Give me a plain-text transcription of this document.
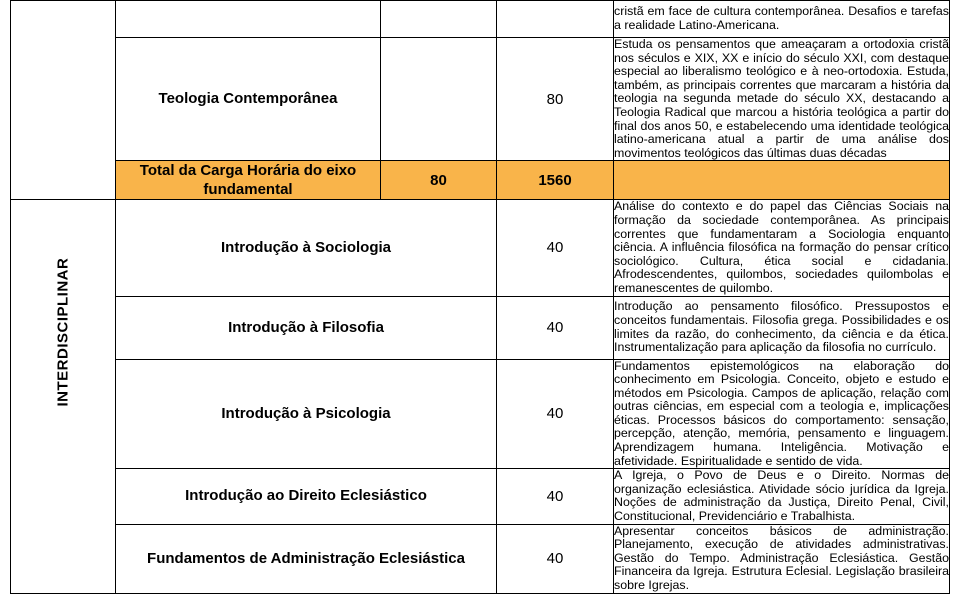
				cristã em face de cultura contemporânea. Desafios e tarefas a realidade Latino-Americana.
	Teologia Contemporânea		80	Estuda os pensamentos que ameaçaram a ortodoxia cristã nos séculos e XIX, XX e início do século XXI, com destaque especial ao liberalismo teológico e à neo-ortodoxia. Estuda, também, as principais correntes que marcaram a história da teologia na segunda metade do século XX, destacando a Teologia Radical que marcou a história teológica a partir do final dos anos 50, e estabelecendo uma identidade teológica latino-americana atual a partir de uma análise dos movimentos teológicos das últimas duas décadas
	Total da Carga Horária do eixo fundamental	80	1560	

INTERDISCIPLINAR	Introdução à Sociologia		40	Análise do contexto e do papel das Ciências Sociais na formação da sociedade contemporânea. As principais correntes que fundamentaram a Sociologia enquanto ciência. A influência filosófica na formação do pensar crítico sociológico. Cultura, ética social e cidadania. Afrodescendentes, quilombos, sociedades quilombolas e remanescentes de quilombo.
	Introdução à Filosofia		40	Introdução ao pensamento filosófico. Pressupostos e conceitos fundamentais. Filosofia grega. Possibilidades e os limites da razão, do conhecimento, da ciência e da ética. Instrumentalização para aplicação da filosofia no currículo.
	Introdução à Psicologia		40	Fundamentos epistemológicos na elaboração do conhecimento em Psicologia. Conceito, objeto e estudo e métodos em Psicologia. Campos de aplicação, relação com outras ciências, em especial com a teologia e, implicações éticas. Processos básicos do comportamento: sensação, percepção, atenção, memória, pensamento e linguagem. Aprendizagem humana. Inteligência. Motivação e afetividade. Espiritualidade e sentido de vida.
	Introdução ao Direito Eclesiástico		40	A Igreja, o Povo de Deus e o Direito. Normas de organização eclesiástica. Atividade sócio jurídica da Igreja. Noções de administração da Justiça, Direito Penal, Civil, Constitucional, Previdenciário e Trabalhista.
	Fundamentos de Administração Eclesiástica		40	Apresentar conceitos básicos de administração. Planejamento, execução de atividades administrativas. Gestão do Tempo. Administração Eclesiástica. Gestão Financeira da Igreja. Estrutura Eclesial. Legislação brasileira sobre Igrejas.
